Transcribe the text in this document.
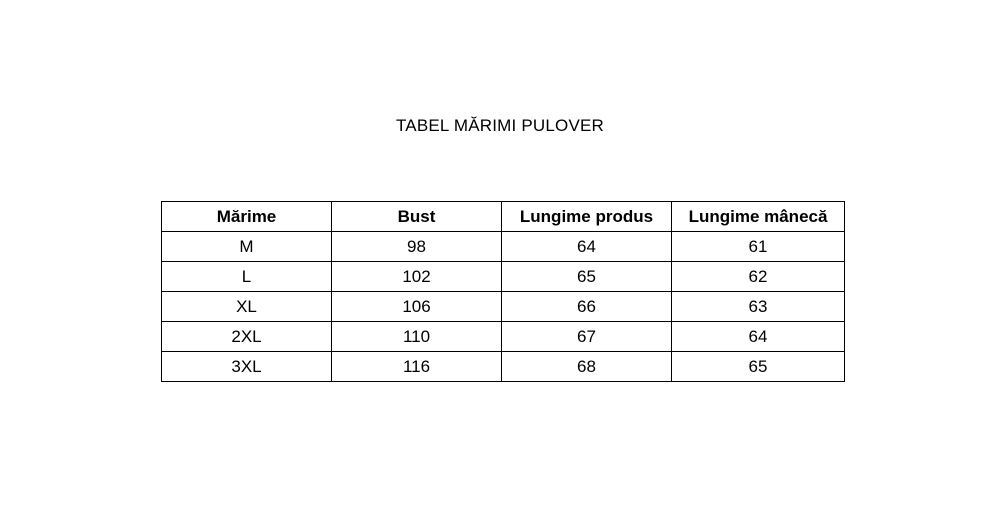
TABEL MĂRIMI PULOVER
Mărime	Bust	Lungime produs	Lungime mânecă
M	98	64	61
L	102	65	62
XL	106	66	63
2XL	110	67	64
3XL	116	68	65
